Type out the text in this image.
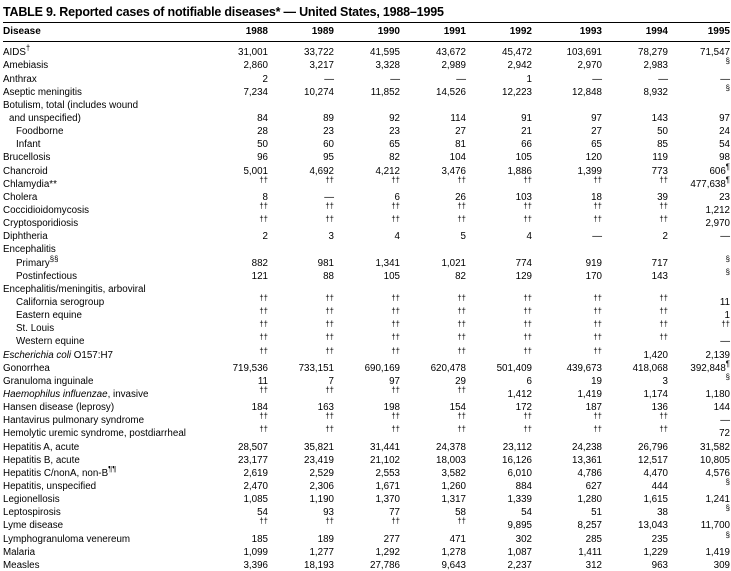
TABLE 9. Reported cases of notifiable diseases* — United States, 1988–1995
Disease	1988	1989	1990	1991	1992	1993	1994	1995
AIDS†	31,001	33,722	41,595	43,672	45,472	103,691	78,279	71,547
Amebiasis	2,860	3,217	3,328	2,989	2,942	2,970	2,983	§
Anthrax	2	—	—	—	1	—	—	—
Aseptic meningitis	7,234	10,274	11,852	14,526	12,223	12,848	8,932	§
Botulism, total (includes wound								
and unspecified)	84	89	92	114	91	97	143	97
Foodborne	28	23	23	27	21	27	50	24
Infant	50	60	65	81	66	65	85	54
Brucellosis	96	95	82	104	105	120	119	98
Chancroid	5,001	4,692	4,212	3,476	1,886	1,399	773	606¶
Chlamydia**	††	††	††	††	††	††	††	477,638¶
Cholera	8	—	6	26	103	18	39	23
Coccidioidomycosis	††	††	††	††	††	††	††	1,212
Cryptosporidiosis	††	††	††	††	††	††	††	2,970
Diphtheria	2	3	4	5	4	—	2	—
Encephalitis								
Primary§§	882	981	1,341	1,021	774	919	717	§
Postinfectious	121	88	105	82	129	170	143	§
Encephalitis/meningitis, arboviral								
California serogroup	††	††	††	††	††	††	††	11
Eastern equine	††	††	††	††	††	††	††	1
St. Louis	††	††	††	††	††	††	††	††
Western equine	††	††	††	††	††	††	††	—
Escherichia coli O157:H7	††	††	††	††	††	††	1,420	2,139
Gonorrhea	719,536	733,151	690,169	620,478	501,409	439,673	418,068	392,848¶
Granuloma inguinale	11	7	97	29	6	19	3	§
Haemophilus influenzae, invasive	††	††	††	††	1,412	1,419	1,174	1,180
Hansen disease (leprosy)	184	163	198	154	172	187	136	144
Hantavirus pulmonary syndrome	††	††	††	††	††	††	††	—
Hemolytic uremic syndrome, postdiarrheal	††	††	††	††	††	††	††	72
Hepatitis A, acute	28,507	35,821	31,441	24,378	23,112	24,238	26,796	31,582
Hepatitis B, acute	23,177	23,419	21,102	18,003	16,126	13,361	12,517	10,805
Hepatitis C/nonA, non-B¶¶	2,619	2,529	2,553	3,582	6,010	4,786	4,470	4,576
Hepatitis, unspecified	2,470	2,306	1,671	1,260	884	627	444	§
Legionellosis	1,085	1,190	1,370	1,317	1,339	1,280	1,615	1,241
Leptospirosis	54	93	77	58	54	51	38	§
Lyme disease	††	††	††	††	9,895	8,257	13,043	11,700
Lymphogranuloma venereum	185	189	277	471	302	285	235	§
Malaria	1,099	1,277	1,292	1,278	1,087	1,411	1,229	1,419
Measles	3,396	18,193	27,786	9,643	2,237	312	963	309
